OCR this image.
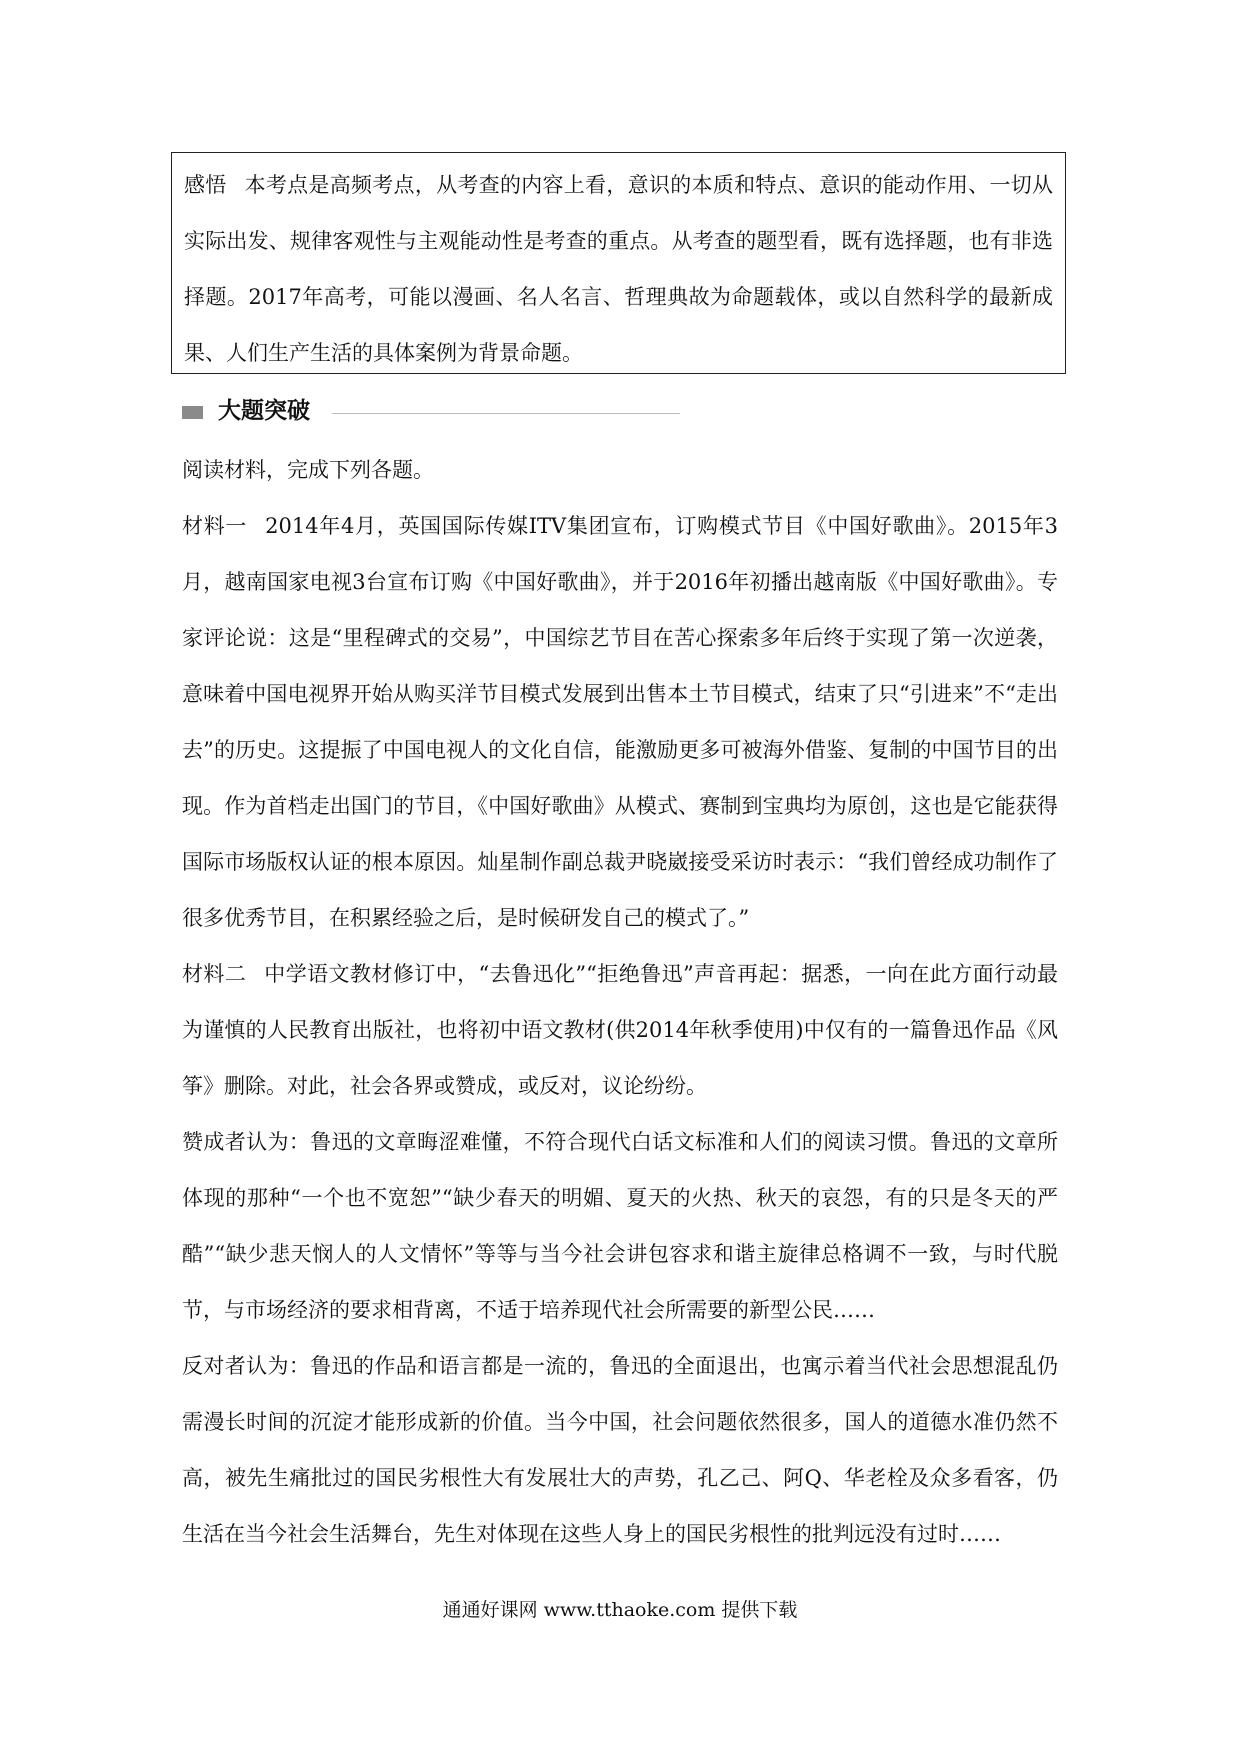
感悟 本考点是高频考点，从考查的内容上看，意识的本质和特点、意识的能动作用、一切从实际出发、规律客观性与主观能动性是考查的重点。从考查的题型看，既有选择题，也有非选择题。2017年高考，可能以漫画、名人名言、哲理典故为命题载体，或以自然科学的最新成果、人们生产生活的具体案例为背景命题。

大题突破

阅读材料，完成下列各题。

材料一 2014年4月，英国国际传媒ITV集团宣布，订购模式节目《中国好歌曲》。2015年3月，越南国家电视3台宣布订购《中国好歌曲》，并于2016年初播出越南版《中国好歌曲》。专家评论说：这是“里程碑式的交易”，中国综艺节目在苦心探索多年后终于实现了第一次逆袭，意味着中国电视界开始从购买洋节目模式发展到出售本土节目模式，结束了只“引进来”不“走出去”的历史。这提振了中国电视人的文化自信，能激励更多可被海外借鉴、复制的中国节目的出现。作为首档走出国门的节目，《中国好歌曲》从模式、赛制到宝典均为原创，这也是它能获得国际市场版权认证的根本原因。灿星制作副总裁尹晓崴接受采访时表示：“我们曾经成功制作了很多优秀节目，在积累经验之后，是时候研发自己的模式了。”

材料二 中学语文教材修订中，“去鲁迅化”“拒绝鲁迅”声音再起：据悉，一向在此方面行动最为谨慎的人民教育出版社，也将初中语文教材(供2014年秋季使用)中仅有的一篇鲁迅作品《风筝》删除。对此，社会各界或赞成，或反对，议论纷纷。

赞成者认为：鲁迅的文章晦涩难懂，不符合现代白话文标准和人们的阅读习惯。鲁迅的文章所体现的那种“一个也不宽恕”“缺少春天的明媚、夏天的火热、秋天的哀怨，有的只是冬天的严酷”“缺少悲天悯人的人文情怀”等等与当今社会讲包容求和谐主旋律总格调不一致，与时代脱节，与市场经济的要求相背离，不适于培养现代社会所需要的新型公民……

反对者认为：鲁迅的作品和语言都是一流的，鲁迅的全面退出，也寓示着当代社会思想混乱仍需漫长时间的沉淀才能形成新的价值。当今中国，社会问题依然很多，国人的道德水准仍然不高，被先生痛批过的国民劣根性大有发展壮大的声势，孔乙己、阿Q、华老栓及众多看客，仍生活在当今社会生活舞台，先生对体现在这些人身上的国民劣根性的批判远没有过时……

通通好课网 www.tthaoke.com 提供下载
